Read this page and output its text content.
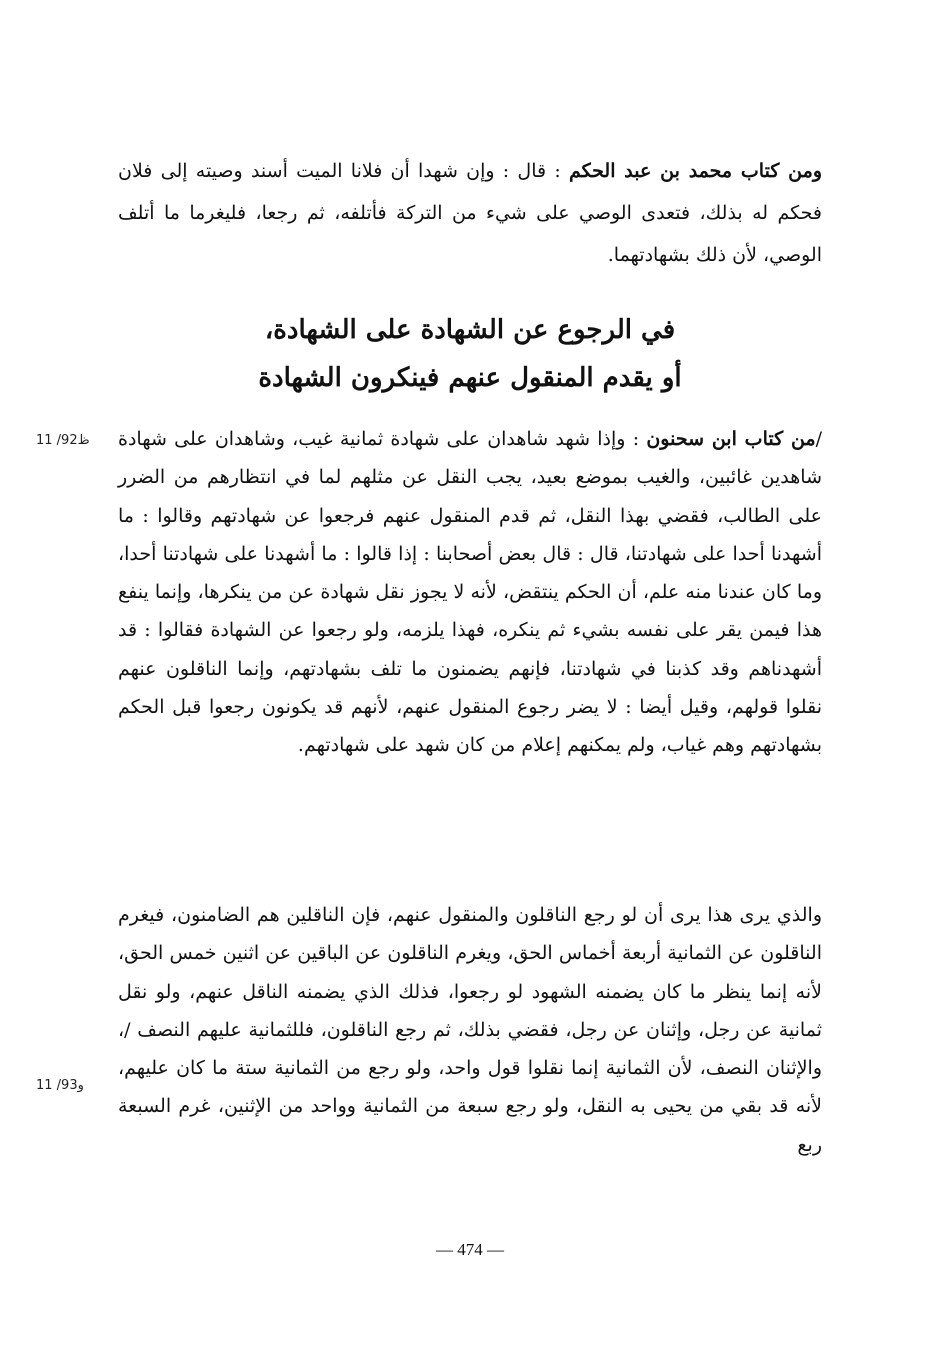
ومن كتاب محمد بن عبد الحكم : قال : وإن شهدا أن فلانا الميت أسند وصيته إلى فلان فحكم له بذلك، فتعدى الوصي على شيء من التركة فأتلفه، ثم رجعا، فليغرما ما أتلف الوصي، لأن ذلك بشهادتهما.
في الرجوع عن الشهادة على الشهادة،
أو يقدم المنقول عنهم فينكرون الشهادة
/من كتاب ابن سحنون : وإذا شهد شاهدان على شهادة ثمانية غيب، وشاهدان على شهادة شاهدين غائبين، والغيب بموضع بعيد، يجب النقل عن مثلهم لما في انتظارهم من الضرر على الطالب، فقضي بهذا النقل، ثم قدم المنقول عنهم فرجعوا عن شهادتهم وقالوا : ما أشهدنا أحدا على شهادتنا، قال : قال بعض أصحابنا : إذا قالوا : ما أشهدنا على شهادتنا أحدا، وما كان عندنا منه علم، أن الحكم ينتقض، لأنه لا يجوز نقل شهادة عن من ينكرها، وإنما ينفع هذا فيمن يقر على نفسه بشيء ثم ينكره، فهذا يلزمه، ولو رجعوا عن الشهادة فقالوا : قد أشهدناهم وقد كذبنا في شهادتنا، فإنهم يضمنون ما تلف بشهادتهم، وإنما الناقلون عنهم نقلوا قولهم، وقيل أيضا : لا يضر رجوع المنقول عنهم، لأنهم قد يكونون رجعوا قبل الحكم بشهادتهم وهم غياب، ولم يمكنهم إعلام من كان شهد على شهادتهم.
والذي يرى هذا يرى أن لو رجع الناقلون والمنقول عنهم، فإن الناقلين هم الضامنون، فيغرم الناقلون عن الثمانية أربعة أخماس الحق، ويغرم الناقلون عن الباقين عن اثنين خمس الحق، لأنه إنما ينظر ما كان يضمنه الشهود لو رجعوا، فذلك الذي يضمنه الناقل عنهم، ولو نقل ثمانية عن رجل، وإثنان عن رجل، فقضي بذلك، ثم رجع الناقلون، فللثمانية عليهم النصف /، والإثنان النصف، لأن الثمانية إنما نقلوا قول واحد، ولو رجع من الثمانية ستة ما كان عليهم، لأنه قد بقي من يحيى به النقل، ولو رجع سبعة من الثمانية وواحد من الإثنين، غرم السبعة ربع
11 /92ظ
11 /93و
— 474 —
